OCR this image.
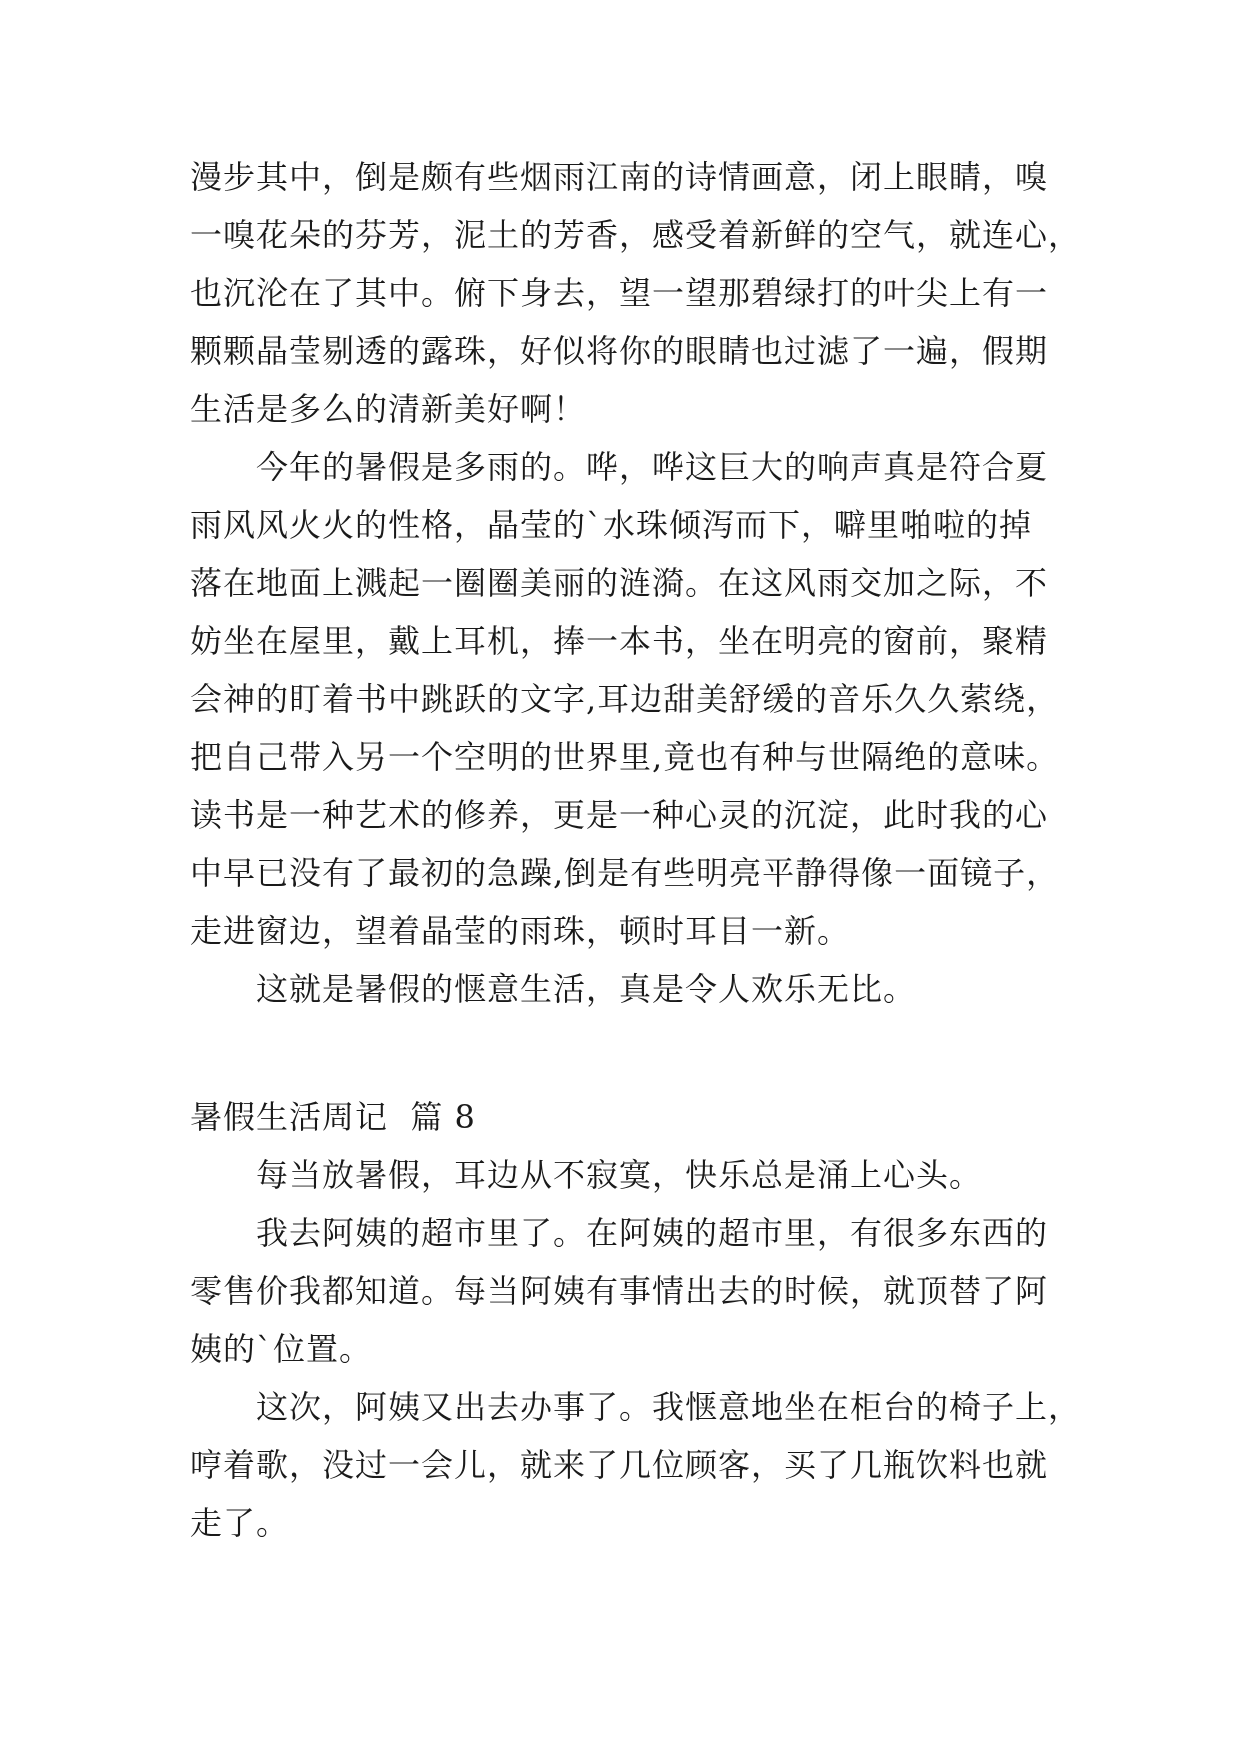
漫步其中，倒是颇有些烟雨江南的诗情画意，闭上眼睛，嗅
一嗅花朵的芬芳，泥土的芳香，感受着新鲜的空气，就连心，
也沉沦在了其中。俯下身去，望一望那碧绿打的叶尖上有一
颗颗晶莹剔透的露珠，好似将你的眼睛也过滤了一遍，假期
生活是多么的清新美好啊！
今年的暑假是多雨的。哗，哗这巨大的响声真是符合夏
雨风风火火的性格，晶莹的`水珠倾泻而下，噼里啪啦的掉
落在地面上溅起一圈圈美丽的涟漪。在这风雨交加之际，不
妨坐在屋里，戴上耳机，捧一本书，坐在明亮的窗前，聚精
会神的盯着书中跳跃的文字,耳边甜美舒缓的音乐久久萦绕，
把自己带入另一个空明的世界里,竟也有种与世隔绝的意味。
读书是一种艺术的修养，更是一种心灵的沉淀，此时我的心
中早已没有了最初的急躁,倒是有些明亮平静得像一面镜子，
走进窗边，望着晶莹的雨珠，顿时耳目一新。
这就是暑假的惬意生活，真是令人欢乐无比。
暑假生活周记  篇 8
每当放暑假，耳边从不寂寞，快乐总是涌上心头。
我去阿姨的超市里了。在阿姨的超市里，有很多东西的
零售价我都知道。每当阿姨有事情出去的时候，就顶替了阿
姨的`位置。
这次，阿姨又出去办事了。我惬意地坐在柜台的椅子上，
哼着歌，没过一会儿，就来了几位顾客，买了几瓶饮料也就
走了。
